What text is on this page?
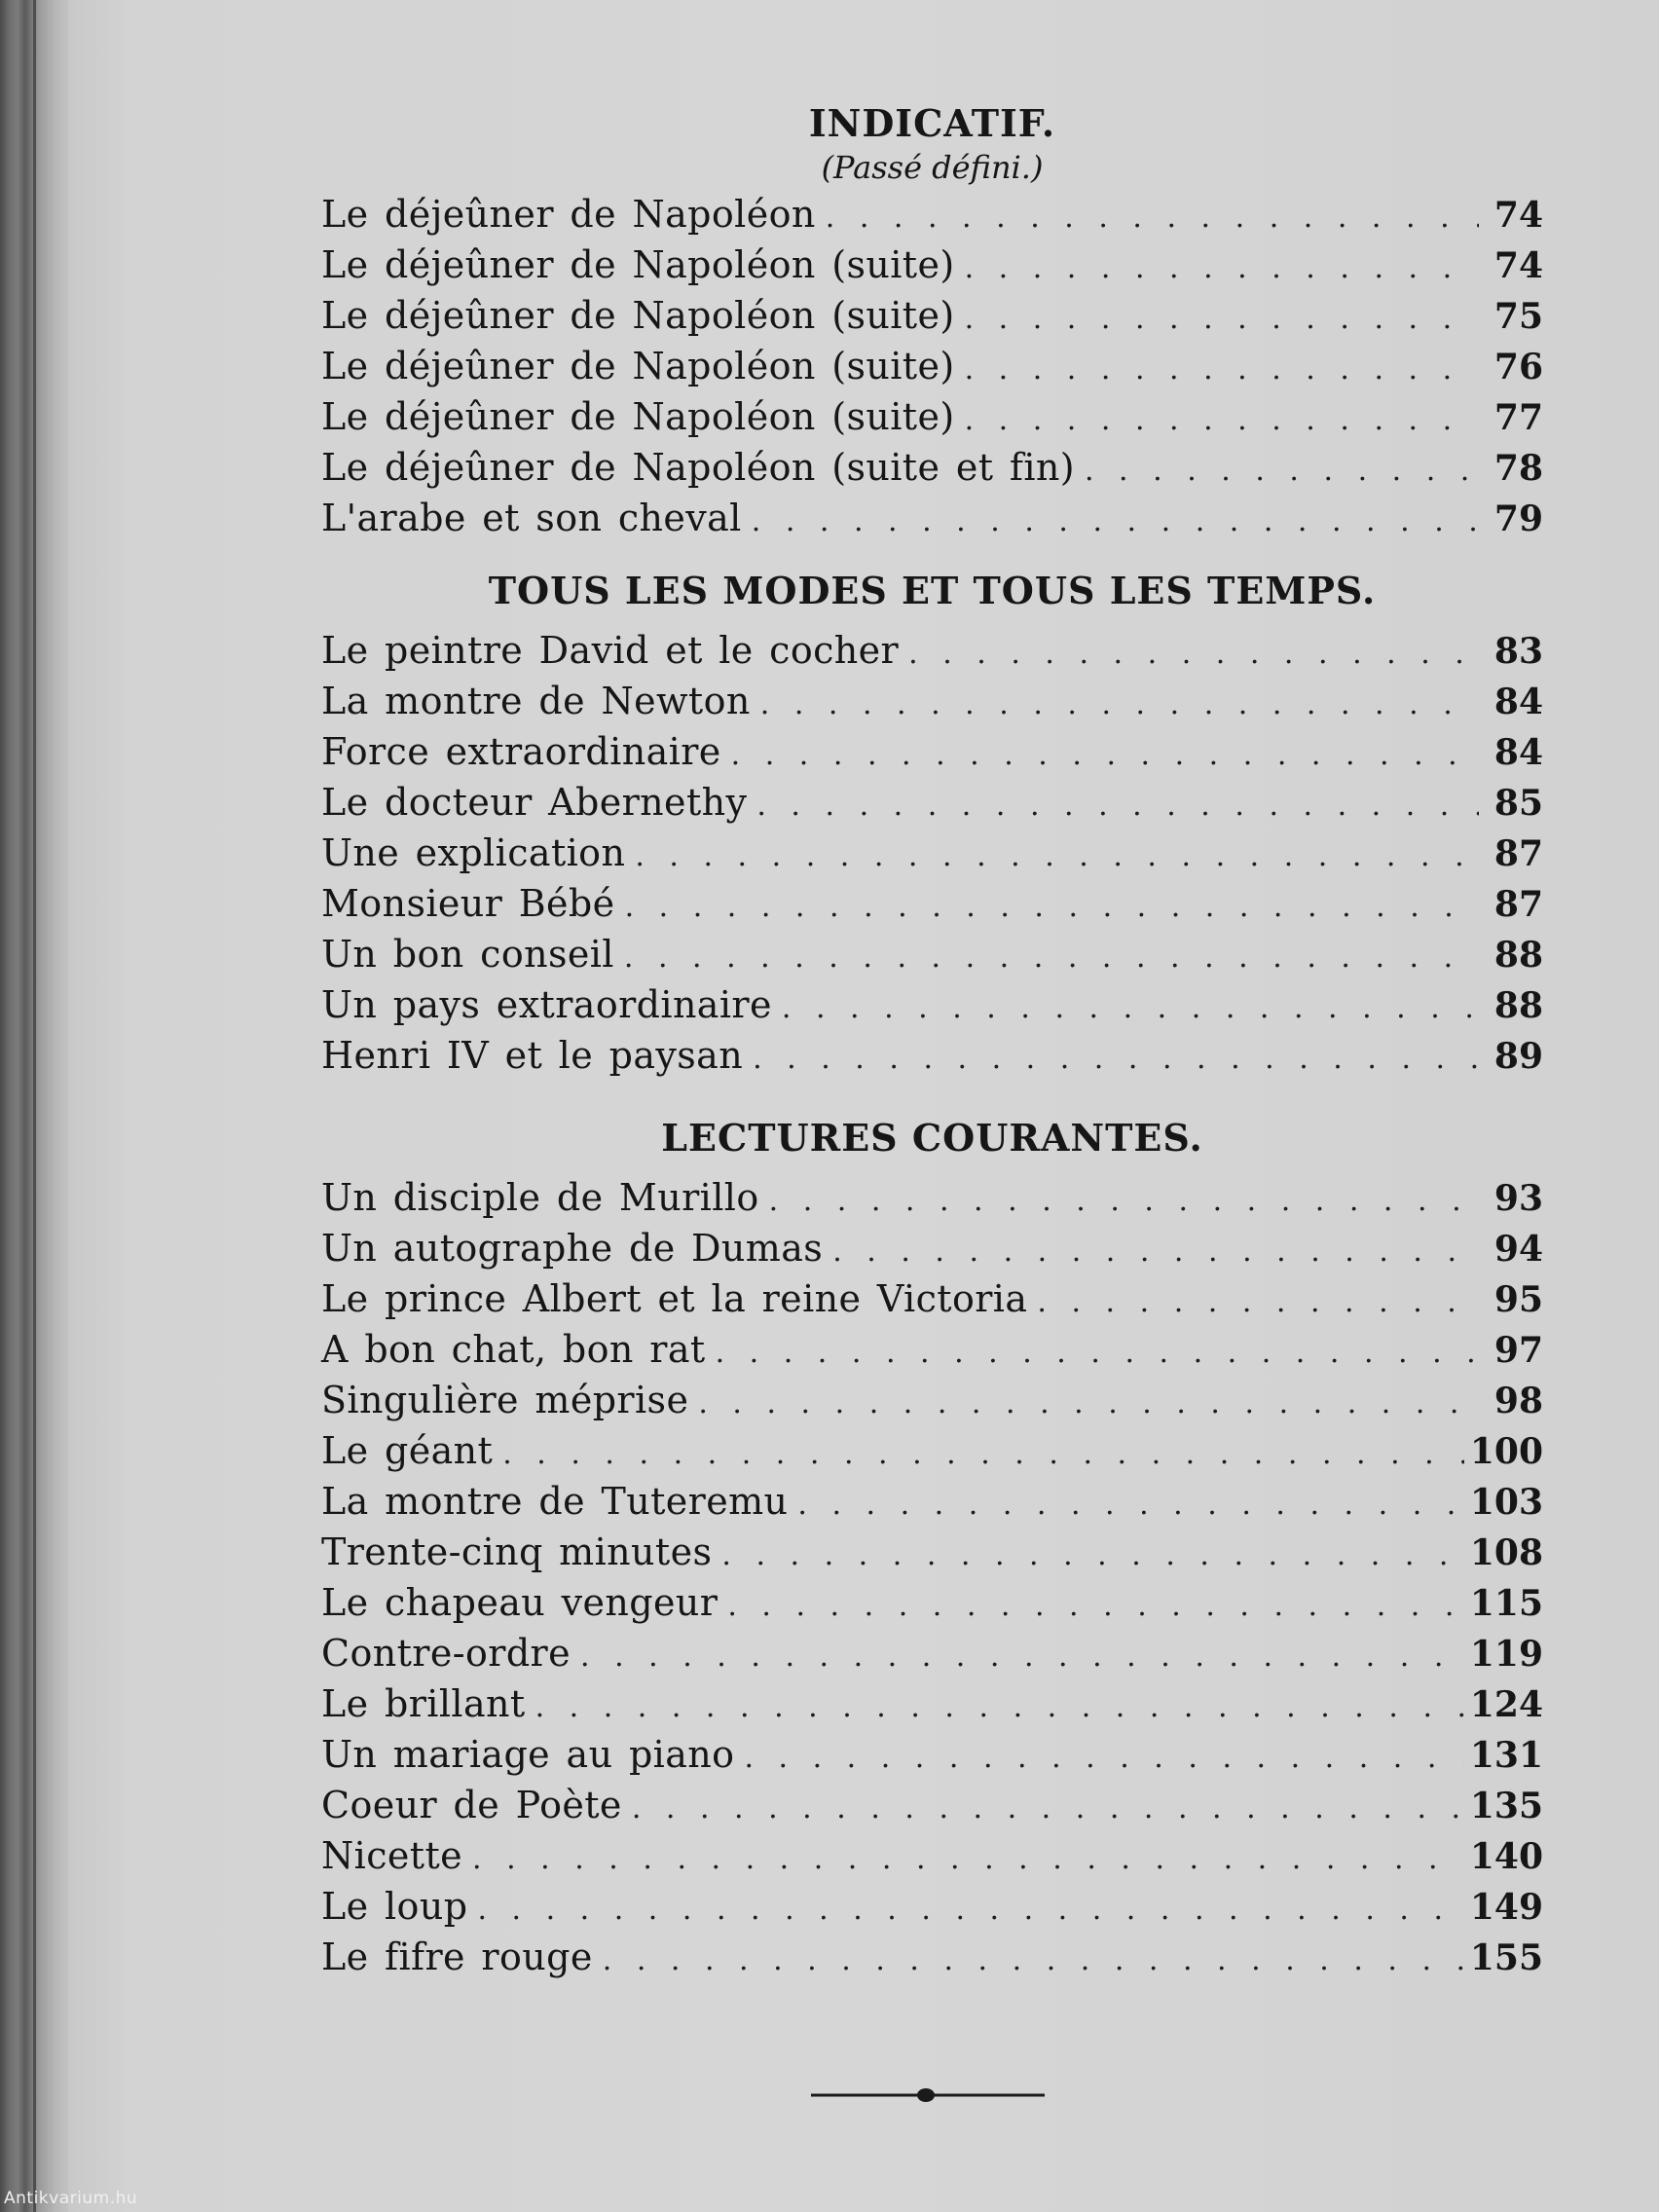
INDICATIF.
(Passé défini.)
Le déjeûner de Napoléon . . .	74
Le déjeûner de Napoléon (suite) . . .	74
Le déjeûner de Napoléon (suite) . . .	75
Le déjeûner de Napoléon (suite) . . .	76
Le déjeûner de Napoléon (suite) . . .	77
Le déjeûner de Napoléon (suite et fin) . . .	78
L'arabe et son cheval . . .	79
TOUS LES MODES ET TOUS LES TEMPS.
Le peintre David et le cocher . . .	83
La montre de Newton . . .	84
Force extraordinaire . . .	84
Le docteur Abernethy . . .	85
Une explication . . .	87
Monsieur Bébé . . .	87
Un bon conseil . . .	88
Un pays extraordinaire . . .	88
Henri IV et le paysan . . .	89
LECTURES COURANTES.
Un disciple de Murillo . . .	93
Un autographe de Dumas . . .	94
Le prince Albert et la reine Victoria . . .	95
A bon chat, bon rat . . .	97
Singulière méprise . . .	98
Le géant . . .	100
La montre de Tuteremu . . .	103
Trente-cinq minutes . . .	108
Le chapeau vengeur . . .	115
Contre-ordre . . .	119
Le brillant . . .	124
Un mariage au piano . . .	131
Coeur de Poète . . .	135
Nicette . . .	140
Le loup . . .	149
Le fifre rouge . . .	155
Antikvarium.hu
